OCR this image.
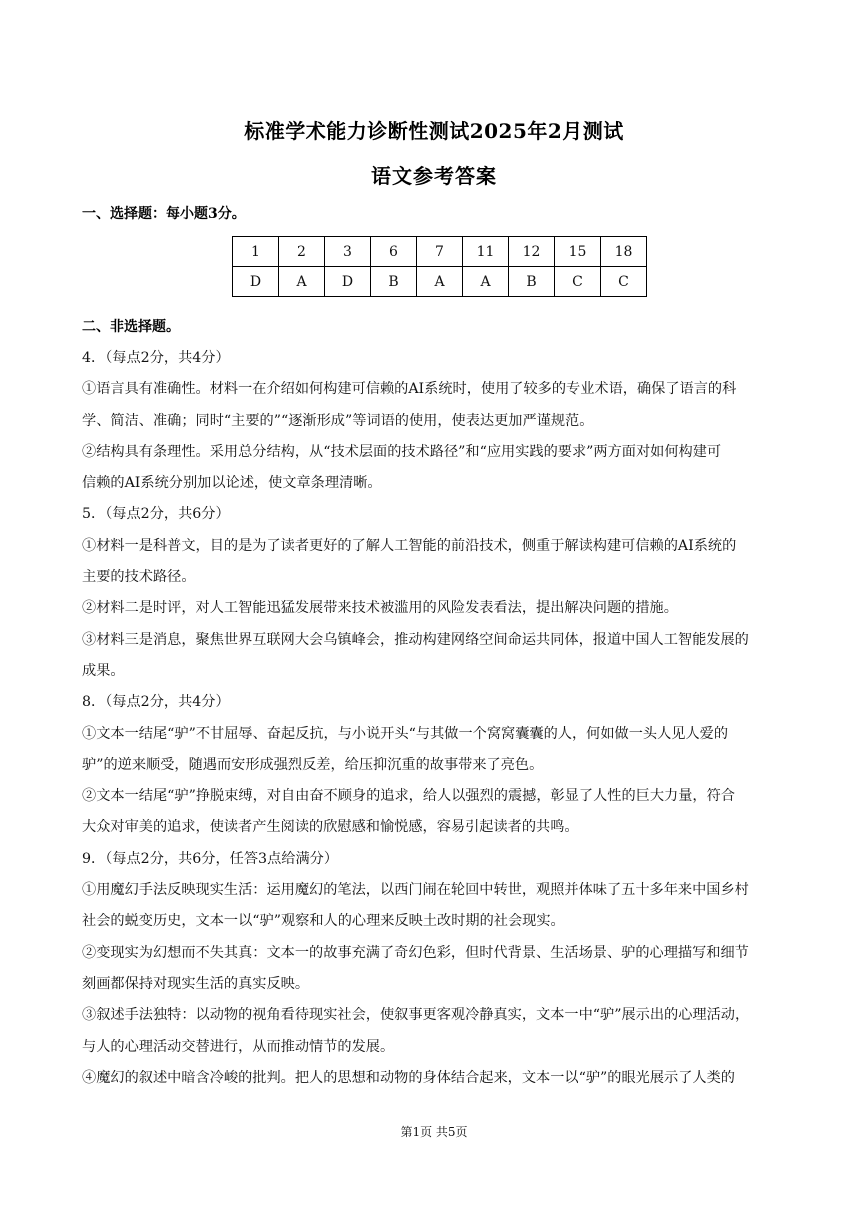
标准学术能力诊断性测试2025年2月测试
语文参考答案
一、选择题：每小题3分。
1	2	3	6	7	11	12	15	18
D	A	D	B	A	A	B	C	C
二、非选择题。
4．（每点2分，共4分）
①语言具有准确性。材料一在介绍如何构建可信赖的AI系统时，使用了较多的专业术语，确保了语言的科
学、简洁、准确；同时“主要的”“逐渐形成”等词语的使用，使表达更加严谨规范。
②结构具有条理性。采用总分结构，从“技术层面的技术路径”和“应用实践的要求”两方面对如何构建可
信赖的AI系统分别加以论述，使文章条理清晰。
5．（每点2分，共6分）
①材料一是科普文，目的是为了读者更好的了解人工智能的前沿技术，侧重于解读构建可信赖的AI系统的
主要的技术路径。
②材料二是时评，对人工智能迅猛发展带来技术被滥用的风险发表看法，提出解决问题的措施。
③材料三是消息，聚焦世界互联网大会乌镇峰会，推动构建网络空间命运共同体，报道中国人工智能发展的
成果。
8．（每点2分，共4分）
①文本一结尾“驴”不甘屈辱、奋起反抗，与小说开头“与其做一个窝窝囊囊的人，何如做一头人见人爱的
驴”的逆来顺受，随遇而安形成强烈反差，给压抑沉重的故事带来了亮色。
②文本一结尾“驴”挣脱束缚，对自由奋不顾身的追求，给人以强烈的震撼，彰显了人性的巨大力量，符合
大众对审美的追求，使读者产生阅读的欣慰感和愉悦感，容易引起读者的共鸣。
9．（每点2分，共6分，任答3点给满分）
①用魔幻手法反映现实生活：运用魔幻的笔法，以西门闹在轮回中转世，观照并体味了五十多年来中国乡村
社会的蜕变历史，文本一以“驴”观察和人的心理来反映土改时期的社会现实。
②变现实为幻想而不失其真：文本一的故事充满了奇幻色彩，但时代背景、生活场景、驴的心理描写和细节
刻画都保持对现实生活的真实反映。
③叙述手法独特：以动物的视角看待现实社会，使叙事更客观冷静真实，文本一中“驴”展示出的心理活动，
与人的心理活动交替进行，从而推动情节的发展。
④魔幻的叙述中暗含冷峻的批判。把人的思想和动物的身体结合起来，文本一以“驴”的眼光展示了人类的
第1页 共5页
